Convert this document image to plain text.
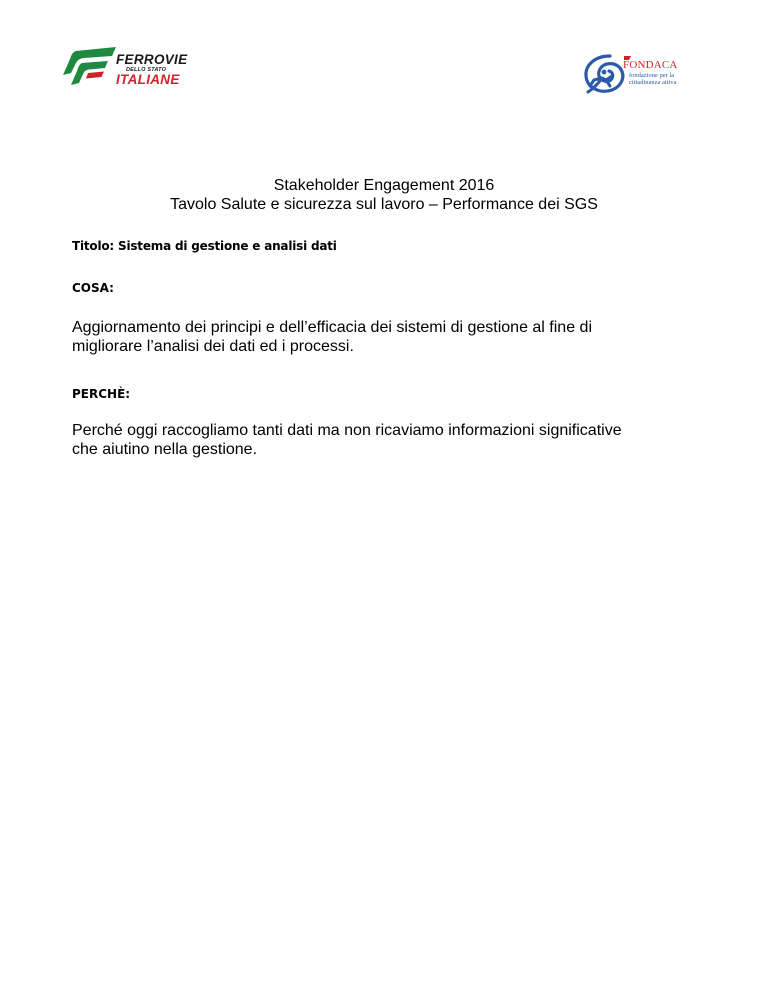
FERROVIE
DELLO STATO
ITALIANE
FONDACA
fondazione per la
cittadinanza attiva
Stakeholder Engagement 2016
Tavolo Salute e sicurezza sul lavoro – Performance dei SGS
Titolo: Sistema di gestione e analisi dati
COSA:
Aggiornamento dei principi e dell’efficacia dei sistemi di gestione al fine di
migliorare l’analisi dei dati ed i processi.
PERCHÈ:
Perché oggi raccogliamo tanti dati ma non ricaviamo informazioni significative
che aiutino nella gestione.
